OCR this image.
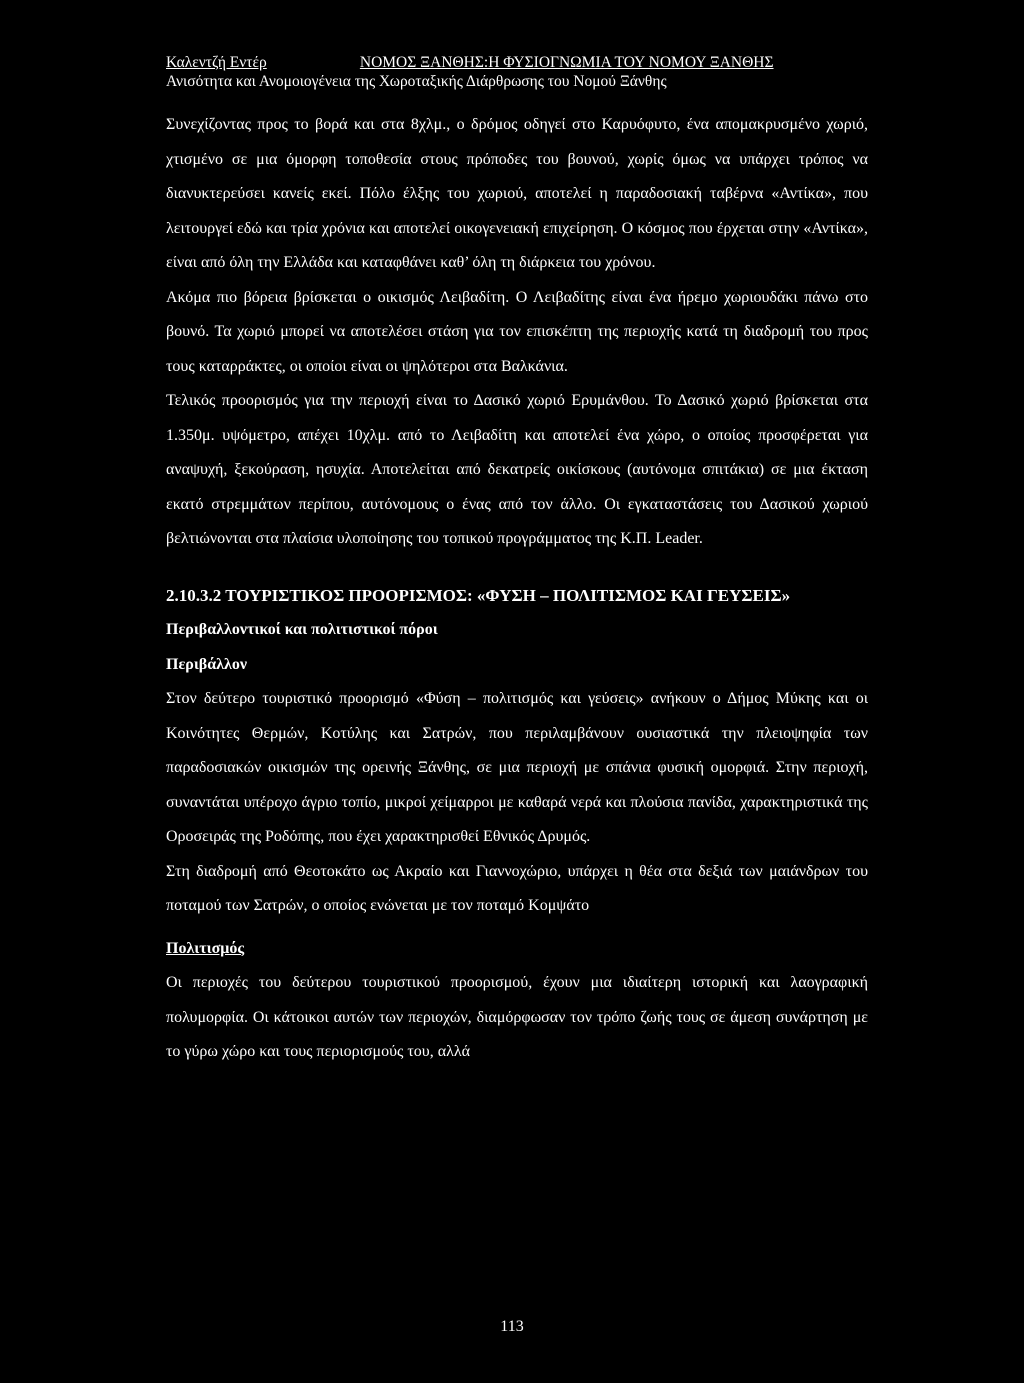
Καλεντζή Εντέρ	ΝΟΜΟΣ ΞΑΝΘΗΣ:Η ΦΥΣΙΟΓΝΩΜΙΑ ΤΟΥ ΝΟΜΟΥ ΞΑΝΘΗΣ
Ανισότητα και Ανομοιογένεια της Χωροταξικής Διάρθρωσης του Νομού Ξάνθης

Συνεχίζοντας προς το βορά και στα 8χλμ., ο δρόμος οδηγεί στο Καρυόφυτο, ένα απομακρυσμένο χωριό, χτισμένο σε μια όμορφη τοποθεσία στους πρόποδες του βουνού, χωρίς όμως να υπάρχει τρόπος να διανυκτερεύσει κανείς εκεί. Πόλο έλξης του χωριού, αποτελεί η παραδοσιακή ταβέρνα «Αντίκα», που λειτουργεί εδώ και τρία χρόνια και αποτελεί οικογενειακή επιχείρηση. Ο κόσμος που έρχεται στην «Αντίκα», είναι από όλη την Ελλάδα και καταφθάνει καθ’ όλη τη διάρκεια του χρόνου.

Ακόμα πιο βόρεια βρίσκεται ο οικισμός Λειβαδίτη. Ο Λειβαδίτης είναι ένα ήρεμο χωριουδάκι πάνω στο βουνό. Τα χωριό μπορεί να αποτελέσει στάση για τον επισκέπτη της περιοχής κατά τη διαδρομή του προς τους καταρράκτες, οι οποίοι είναι οι ψηλότεροι στα Βαλκάνια.

Τελικός προορισμός για την περιοχή είναι το Δασικό χωριό Ερυμάνθου. Το Δασικό χωριό βρίσκεται στα 1.350μ. υψόμετρο, απέχει 10χλμ. από το Λειβαδίτη και αποτελεί ένα χώρο, ο οποίος προσφέρεται για αναψυχή, ξεκούραση, ησυχία. Αποτελείται από δεκατρείς οικίσκους (αυτόνομα σπιτάκια) σε μια έκταση εκατό στρεμμάτων περίπου, αυτόνομους ο ένας από τον άλλο. Οι εγκαταστάσεις του Δασικού χωριού βελτιώνονται στα πλαίσια υλοποίησης του τοπικού προγράμματος της Κ.Π. Leader.

2.10.3.2 ΤΟΥΡΙΣΤΙΚΟΣ ΠΡΟΟΡΙΣΜΟΣ: «ΦΥΣΗ – ΠΟΛΙΤΙΣΜΟΣ ΚΑΙ ΓΕΥΣΕΙΣ»
Περιβαλλοντικοί και πολιτιστικοί πόροι
Περιβάλλον

Στον δεύτερο τουριστικό προορισμό «Φύση – πολιτισμός και γεύσεις» ανήκουν ο Δήμος Μύκης και οι Κοινότητες Θερμών, Κοτύλης και Σατρών, που περιλαμβάνουν ουσιαστικά την πλειοψηφία των παραδοσιακών οικισμών της ορεινής Ξάνθης, σε μια περιοχή με σπάνια φυσική ομορφιά. Στην περιοχή, συναντάται υπέροχο άγριο τοπίο, μικροί χείμαρροι με καθαρά νερά και πλούσια πανίδα, χαρακτηριστικά της Οροσειράς της Ροδόπης, που έχει χαρακτηρισθεί Εθνικός Δρυμός.

Στη διαδρομή από Θεοτοκάτο ως Ακραίο και Γιαννοχώριο, υπάρχει η θέα στα δεξιά των μαιάνδρων του ποταμού των Σατρών, ο οποίος ενώνεται με τον ποταμό Κομψάτο

Πολιτισμός

Οι περιοχές του δεύτερου τουριστικού προορισμού, έχουν μια ιδιαίτερη ιστορική και λαογραφική πολυμορφία. Οι κάτοικοι αυτών των περιοχών, διαμόρφωσαν τον τρόπο ζωής τους σε άμεση συνάρτηση με το γύρω χώρο και τους περιορισμούς του, αλλά

113
